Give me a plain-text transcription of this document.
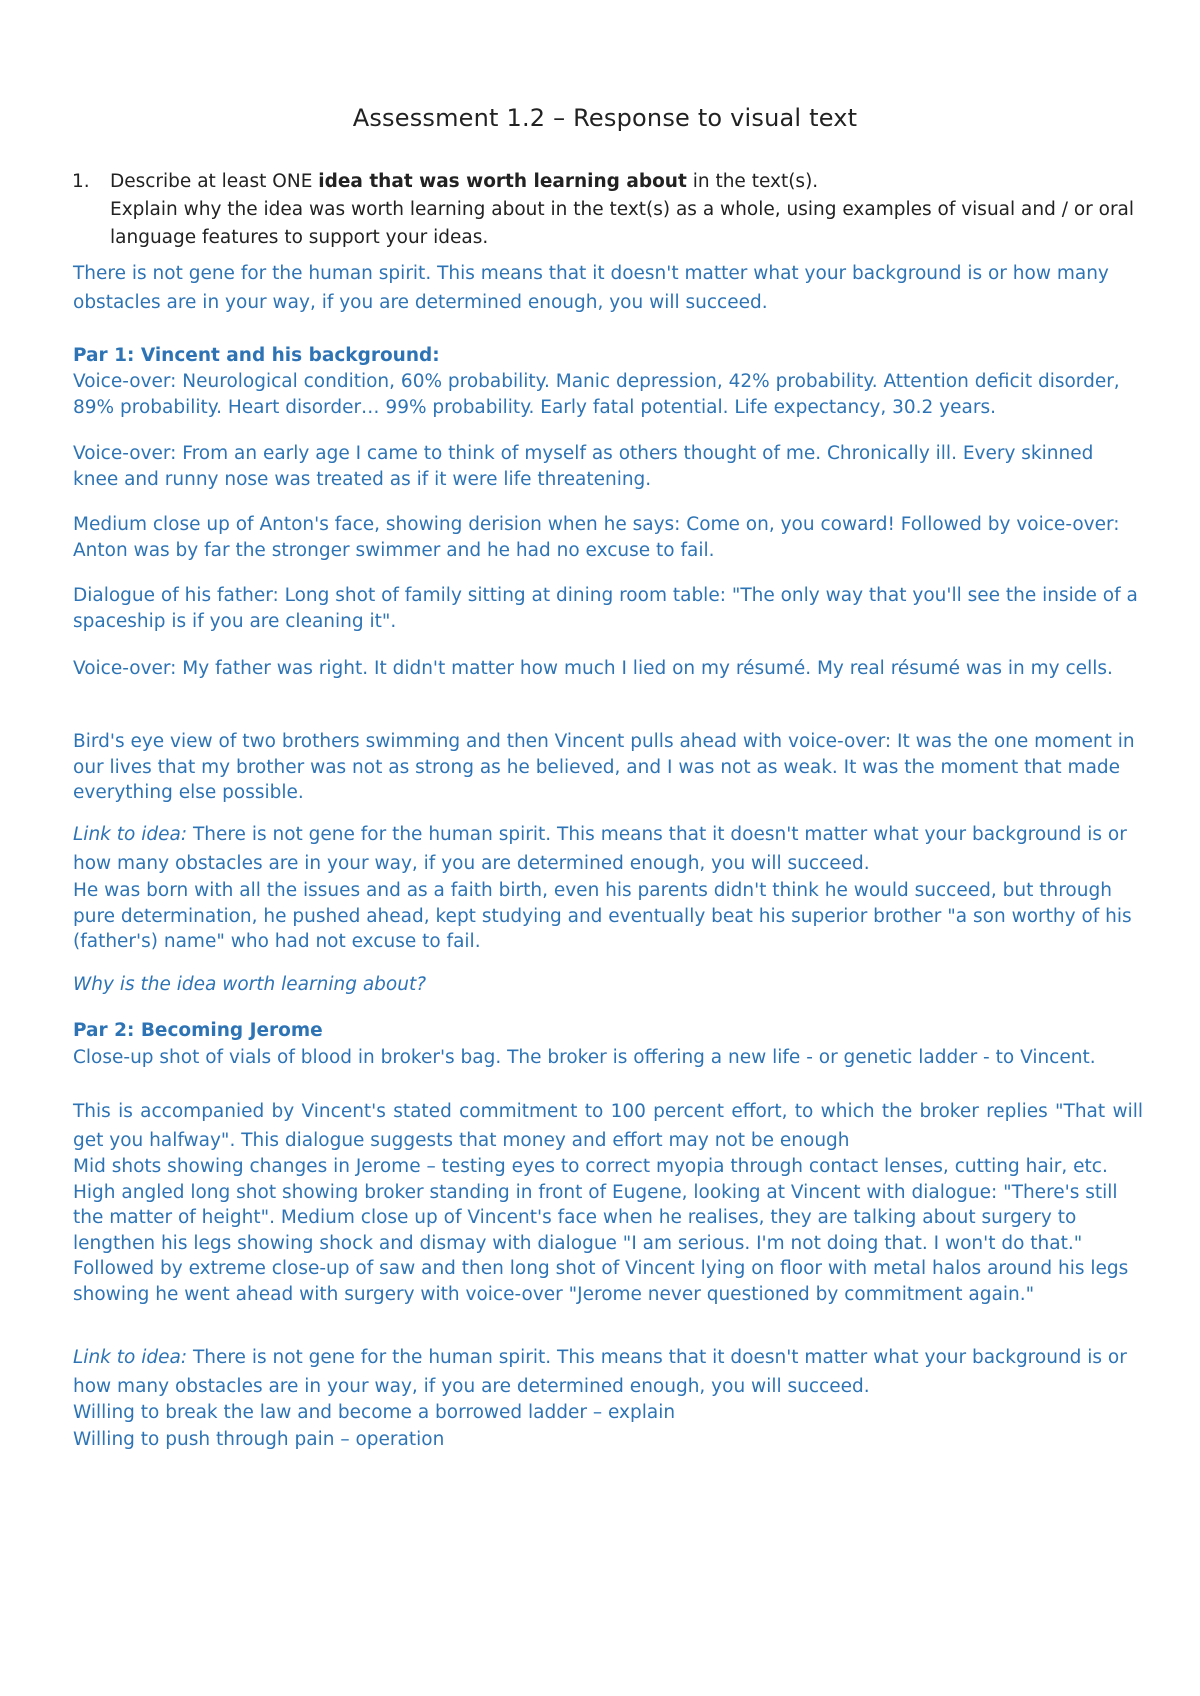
Assessment 1.2 – Response to visual text
1. Describe at least ONE idea that was worth learning about in the text(s).
Explain why the idea was worth learning about in the text(s) as a whole, using examples of visual and / or oral language features to support your ideas.
There is not gene for the human spirit. This means that it doesn't matter what your background is or how many obstacles are in your way, if you are determined enough, you will succeed.
Par 1: Vincent and his background:
Voice-over: Neurological condition, 60% probability. Manic depression, 42% probability. Attention deficit disorder, 89% probability. Heart disorder… 99% probability. Early fatal potential. Life expectancy, 30.2 years.
Voice-over: From an early age I came to think of myself as others thought of me. Chronically ill. Every skinned knee and runny nose was treated as if it were life threatening.
Medium close up of Anton's face, showing derision when he says: Come on, you coward! Followed by voice-over: Anton was by far the stronger swimmer and he had no excuse to fail.
Dialogue of his father: Long shot of family sitting at dining room table: "The only way that you'll see the inside of a spaceship is if you are cleaning it".
Voice-over: My father was right. It didn't matter how much I lied on my résumé. My real résumé was in my cells.
Bird's eye view of two brothers swimming and then Vincent pulls ahead with voice-over: It was the one moment in our lives that my brother was not as strong as he believed, and I was not as weak. It was the moment that made everything else possible.
Link to idea: There is not gene for the human spirit. This means that it doesn't matter what your background is or how many obstacles are in your way, if you are determined enough, you will succeed.
He was born with all the issues and as a faith birth, even his parents didn't think he would succeed, but through pure determination, he pushed ahead, kept studying and eventually beat his superior brother "a son worthy of his (father's) name" who had not excuse to fail.
Why is the idea worth learning about?
Par 2: Becoming Jerome
Close-up shot of vials of blood in broker's bag. The broker is offering a new life - or genetic ladder - to Vincent.
This is accompanied by Vincent's stated commitment to 100 percent effort, to which the broker replies "That will get you halfway". This dialogue suggests that money and effort may not be enough
Mid shots showing changes in Jerome – testing eyes to correct myopia through contact lenses, cutting hair, etc. High angled long shot showing broker standing in front of Eugene, looking at Vincent with dialogue: "There's still the matter of height". Medium close up of Vincent's face when he realises, they are talking about surgery to lengthen his legs showing shock and dismay with dialogue "I am serious. I'm not doing that. I won't do that." Followed by extreme close-up of saw and then long shot of Vincent lying on floor with metal halos around his legs showing he went ahead with surgery with voice-over "Jerome never questioned by commitment again."
Link to idea: There is not gene for the human spirit. This means that it doesn't matter what your background is or how many obstacles are in your way, if you are determined enough, you will succeed.
Willing to break the law and become a borrowed ladder – explain
Willing to push through pain – operation
